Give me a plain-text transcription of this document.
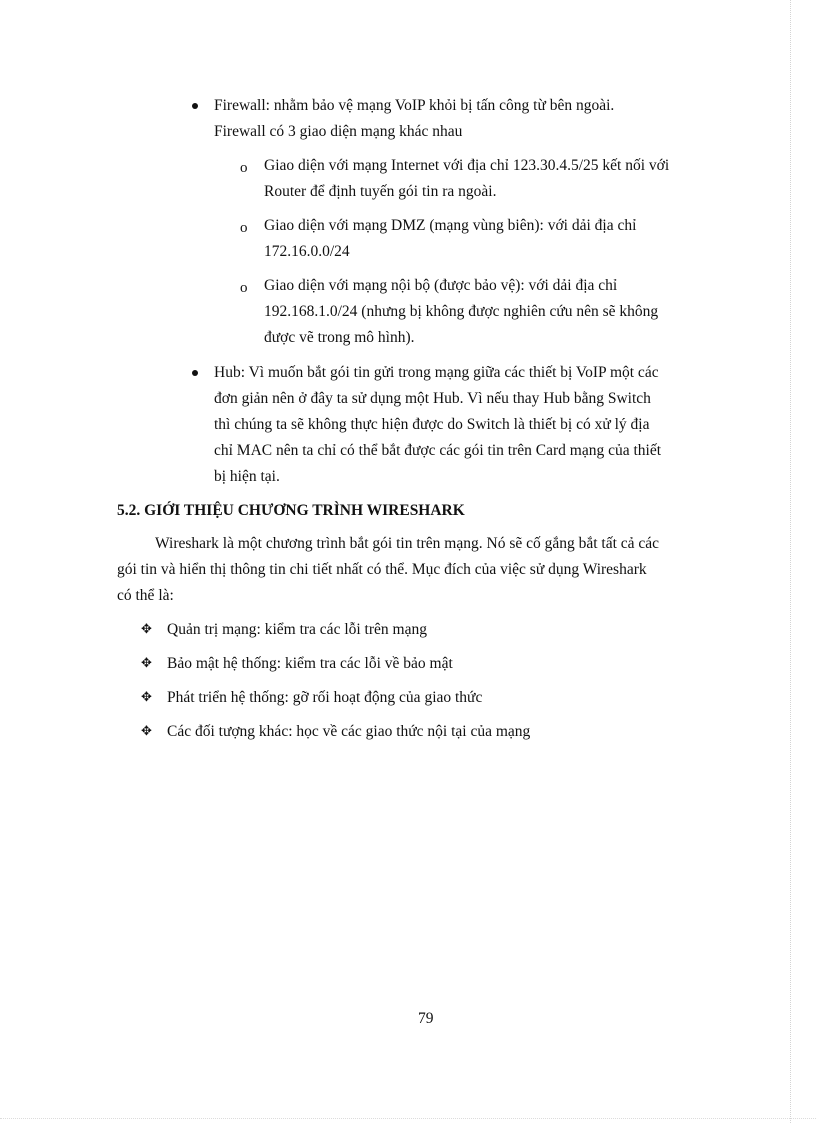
Firewall: nhằm bảo vệ mạng VoIP khỏi bị tấn công từ bên ngoài.
Firewall có 3 giao diện mạng khác nhau
o Giao diện với mạng Internet với địa chỉ 123.30.4.5/25 kết nối với
Router để định tuyến gói tin ra ngoài.
o Giao diện với mạng DMZ (mạng vùng biên): với dải địa chỉ
172.16.0.0/24
o Giao diện với mạng nội bộ (được bảo vệ): với dải địa chỉ
192.168.1.0/24 (nhưng bị không được nghiên cứu nên sẽ không
được vẽ trong mô hình).
Hub: Vì muốn bắt gói tin gửi trong mạng giữa các thiết bị VoIP một các
đơn giản nên ở đây ta sử dụng một Hub. Vì nếu thay Hub bằng Switch
thì chúng ta sẽ không thực hiện được do Switch là thiết bị có xử lý địa
chỉ MAC nên ta chỉ có thể bắt được các gói tin trên Card mạng của thiết
bị hiện tại.
5.2. GIỚI THIỆU CHƯƠNG TRÌNH WIRESHARK
Wireshark là một chương trình bắt gói tin trên mạng. Nó sẽ cố gắng bắt tất cả các
gói tin và hiển thị thông tin chi tiết nhất có thể. Mục đích của việc sử dụng Wireshark
có thể là:
✥ Quản trị mạng: kiểm tra các lỗi trên mạng
✥ Bảo mật hệ thống: kiểm tra các lỗi về bảo mật
✥ Phát triển hệ thống: gỡ rối hoạt động của giao thức
✥ Các đối tượng khác: học về các giao thức nội tại của mạng
79
